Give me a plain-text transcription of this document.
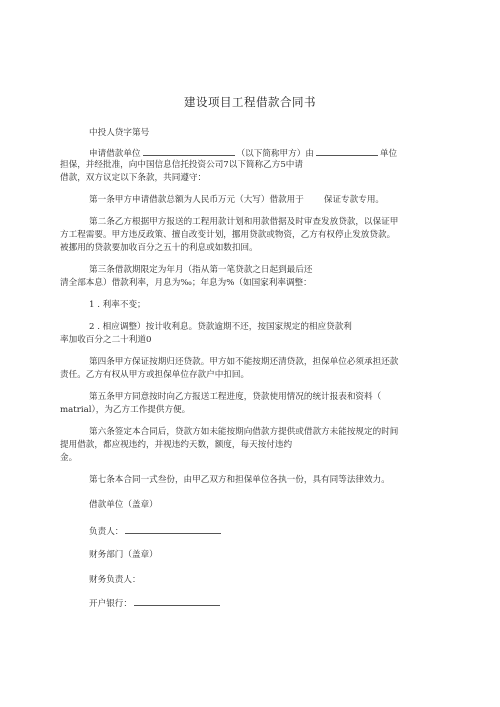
建设项目工程借款合同书
中投人贷字第号
申请借款单位	（以下简称甲方）由	单位
担保，并经批准，向中国信息信托投资公司7以下简称乙方5中请
借款，双方议定以下条款，共同遵守：
第一条甲方申请借款总额为人民币万元（大写）借款用于 保证专款专用。
第二条乙方根据甲方报送的工程用款计划和用款借据及时审查发放贷款，以保证甲
方工程需要。甲方违反政策、擅自改变计划，挪用贷款或物资，乙方有权停止发放贷款。
被挪用的贷款要加收百分之五十的利息或如数扣回。
第三条借款期限定为年月（指从第一笔贷款之日起到最后还
清全部本息）借款利率，月息为‰；年息为%（如国家利率调整：
1 . 利率不变；
2 . 相应调整）按计收利息。贷款逾期不还，按国家规定的相应贷款利
率加收百分之二十利道0
第四条甲方保证按期归还贷款。甲方如不能按期还清贷款，担保单位必须承担还款
责任。乙方有权从甲方或担保单位存款户中扣回。
第五条甲方同意按时向乙方报送工程进度，贷款使用情况的统计报表和资料（
matrial），为乙方工作提供方便。
第六条签定本合同后，贷款方如未能按期向借款方提供或借款方未能按规定的时间
提用借款，都应视违约，并视违约天数，额度，每天按付违约
金。
第七条本合同一式叁份，由甲乙双方和担保单位各执一份，具有同等法律效力。
借款单位（盖章）
负责人：
财务部门（盖章）
财务负责人：
开户银行：
